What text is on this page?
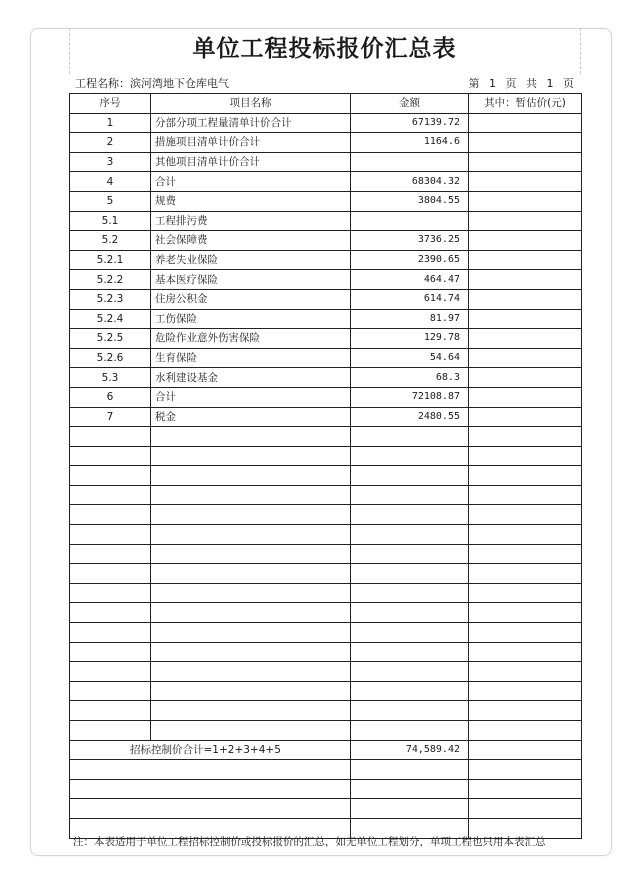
单位工程投标报价汇总表
工程名称：滨河湾地下仓库电气	第 1 页 共 1 页
序号	项目名称	金额	其中：暂估价(元)
1	分部分项工程量清单计价合计	67139.72	
2	措施项目清单计价合计	1164.6	
3	其他项目清单计价合计		
4	合计	68304.32	
5	规费	3804.55	
5.1	工程排污费		
5.2	社会保障费	3736.25	
5.2.1	养老失业保险	2390.65	
5.2.2	基本医疗保险	464.47	
5.2.3	住房公积金	614.74	
5.2.4	工伤保险	81.97	
5.2.5	危险作业意外伤害保险	129.78	
5.2.6	生育保险	54.64	
5.3	水利建设基金	68.3	
6	合计	72108.87	
7	税金	2480.55	

招标控制价合计=1+2+3+4+5		74,589.42	

注：本表适用于单位工程招标控制价或投标报价的汇总，如无单位工程划分，单项工程也只用本表汇总
